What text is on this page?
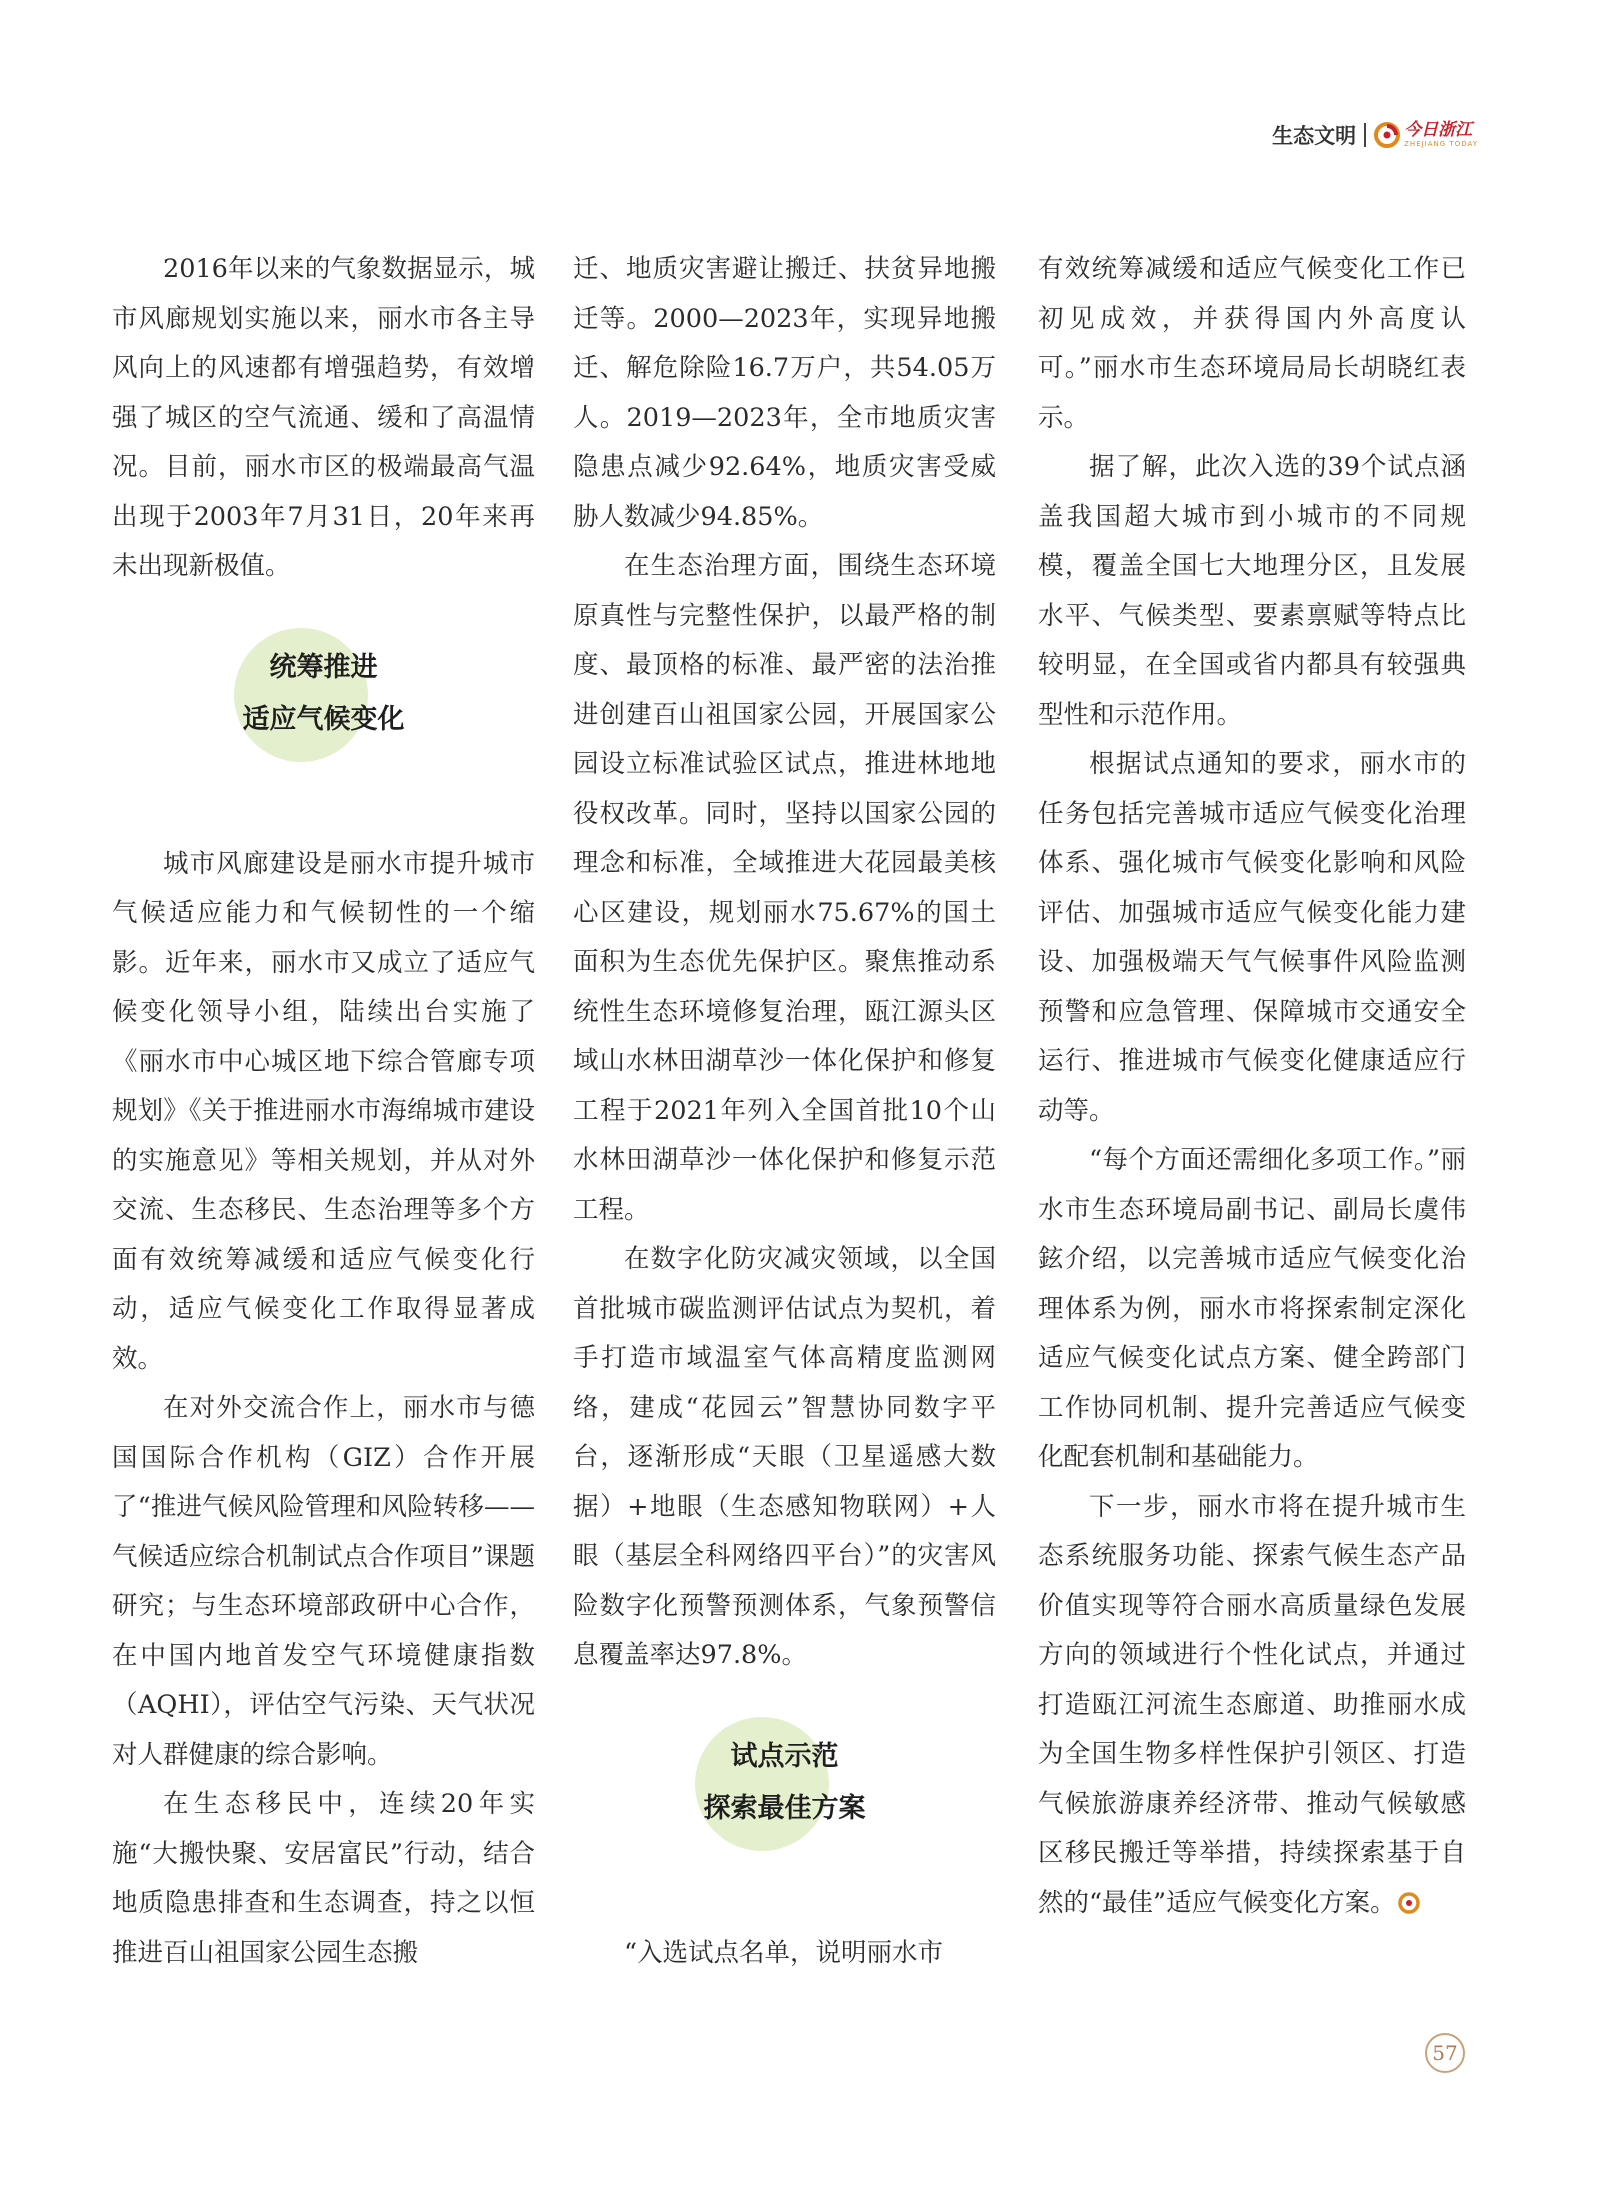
生态文明	今日浙江
ZHEJIANG TODAY

2016年以来的气象数据显示，城市风廊规划实施以来，丽水市各主导风向上的风速都有增强趋势，有效增强了城区的空气流通、缓和了高温情况。目前，丽水市区的极端最高气温出现于2003年7月31日，20年来再未出现新极值。

统筹推进
适应气候变化

城市风廊建设是丽水市提升城市气候适应能力和气候韧性的一个缩影。近年来，丽水市又成立了适应气候变化领导小组，陆续出台实施了《丽水市中心城区地下综合管廊专项规划》《关于推进丽水市海绵城市建设的实施意见》等相关规划，并从对外交流、生态移民、生态治理等多个方面有效统筹减缓和适应气候变化行动，适应气候变化工作取得显著成效。

在对外交流合作上，丽水市与德国国际合作机构（GIZ）合作开展了“推进气候风险管理和风险转移——气候适应综合机制试点合作项目”课题研究；与生态环境部政研中心合作，在中国内地首发空气环境健康指数（AQHI），评估空气污染、天气状况对人群健康的综合影响。

在生态移民中，连续20年实施“大搬快聚、安居富民”行动，结合地质隐患排查和生态调查，持之以恒推进百山祖国家公园生态搬

迁、地质灾害避让搬迁、扶贫异地搬迁等。2000—2023年，实现异地搬迁、解危除险16.7万户，共54.05万人。2019—2023年，全市地质灾害隐患点减少92.64%，地质灾害受威胁人数减少94.85%。

在生态治理方面，围绕生态环境原真性与完整性保护，以最严格的制度、最顶格的标准、最严密的法治推进创建百山祖国家公园，开展国家公园设立标准试验区试点，推进林地地役权改革。同时，坚持以国家公园的理念和标准，全域推进大花园最美核心区建设，规划丽水75.67%的国土面积为生态优先保护区。聚焦推动系统性生态环境修复治理，瓯江源头区域山水林田湖草沙一体化保护和修复工程于2021年列入全国首批10个山水林田湖草沙一体化保护和修复示范工程。

在数字化防灾减灾领域，以全国首批城市碳监测评估试点为契机，着手打造市域温室气体高精度监测网络，建成“花园云”智慧协同数字平台，逐渐形成“天眼（卫星遥感大数据）+地眼（生态感知物联网）+人眼（基层全科网络四平台）”的灾害风险数字化预警预测体系，气象预警信息覆盖率达97.8%。

试点示范
探索最佳方案

“入选试点名单，说明丽水市

有效统筹减缓和适应气候变化工作已初见成效，并获得国内外高度认可。”丽水市生态环境局局长胡晓红表示。

据了解，此次入选的39个试点涵盖我国超大城市到小城市的不同规模，覆盖全国七大地理分区，且发展水平、气候类型、要素禀赋等特点比较明显，在全国或省内都具有较强典型性和示范作用。

根据试点通知的要求，丽水市的任务包括完善城市适应气候变化治理体系、强化城市气候变化影响和风险评估、加强城市适应气候变化能力建设、加强极端天气气候事件风险监测预警和应急管理、保障城市交通安全运行、推进城市气候变化健康适应行动等。

“每个方面还需细化多项工作。”丽水市生态环境局副书记、副局长虞伟鉉介绍，以完善城市适应气候变化治理体系为例，丽水市将探索制定深化适应气候变化试点方案、健全跨部门工作协同机制、提升完善适应气候变化配套机制和基础能力。

下一步，丽水市将在提升城市生态系统服务功能、探索气候生态产品价值实现等符合丽水高质量绿色发展方向的领域进行个性化试点，并通过打造瓯江河流生态廊道、助推丽水成为全国生物多样性保护引领区、打造气候旅游康养经济带、推动气候敏感区移民搬迁等举措，持续探索基于自然的“最佳”适应气候变化方案。

57
